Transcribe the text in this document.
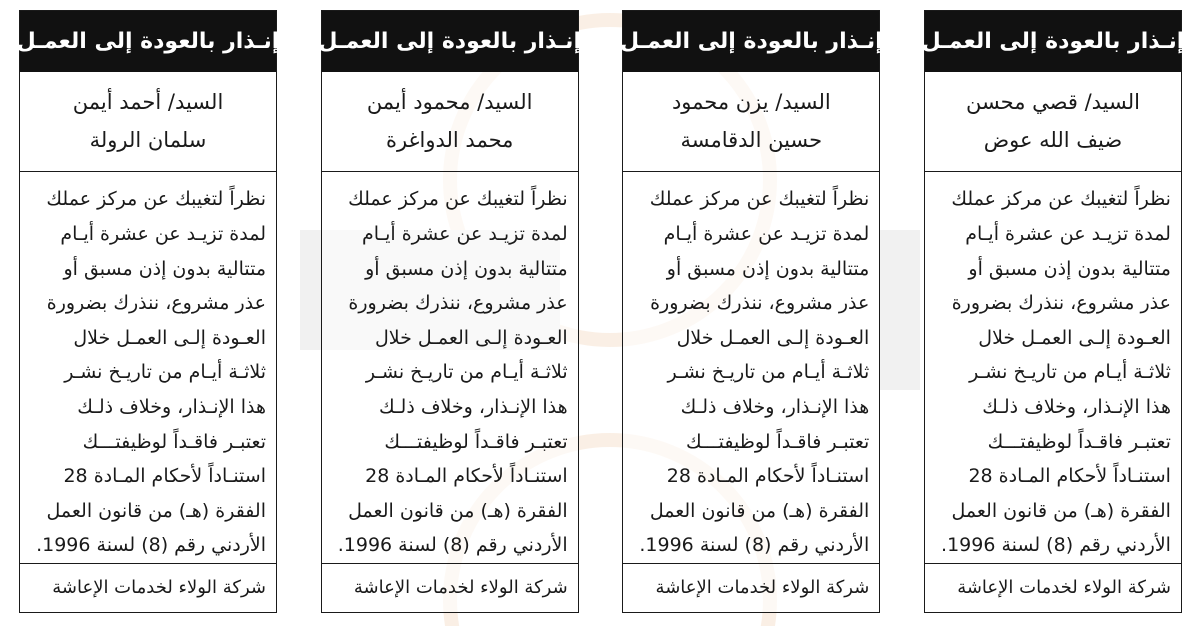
إنـذار بالعودة إلى العمـل
السيد/ قصي محسن
ضيف الله عوض
نظراً لتغيبك عن مركز عملك
لمدة تزيـد عن عشرة أيـام
متتالية بدون إذن مسبق أو
عذر مشروع، ننذرك بضرورة
العـودة إلـى العمـل خلال
ثلاثـة أيـام من تاريـخ نشـر
هذا الإنـذار، وخلاف ذلـك
تعتبـر فاقـداً لوظيفتـــك
استنـاداً لأحكام المـادة 28
الفقرة (هـ) من قانون العمل
الأردني رقم (8) لسنة 1996.
شركة الولاء لخدمات الإعاشة
إنـذار بالعودة إلى العمـل
السيد/ يزن محمود
حسين الدقامسة
نظراً لتغيبك عن مركز عملك
لمدة تزيـد عن عشرة أيـام
متتالية بدون إذن مسبق أو
عذر مشروع، ننذرك بضرورة
العـودة إلـى العمـل خلال
ثلاثـة أيـام من تاريـخ نشـر
هذا الإنـذار، وخلاف ذلـك
تعتبـر فاقـداً لوظيفتـــك
استنـاداً لأحكام المـادة 28
الفقرة (هـ) من قانون العمل
الأردني رقم (8) لسنة 1996.
شركة الولاء لخدمات الإعاشة
إنـذار بالعودة إلى العمـل
السيد/ محمود أيمن
محمد الدواغرة
نظراً لتغيبك عن مركز عملك
لمدة تزيـد عن عشرة أيـام
متتالية بدون إذن مسبق أو
عذر مشروع، ننذرك بضرورة
العـودة إلـى العمـل خلال
ثلاثـة أيـام من تاريـخ نشـر
هذا الإنـذار، وخلاف ذلـك
تعتبـر فاقـداً لوظيفتـــك
استنـاداً لأحكام المـادة 28
الفقرة (هـ) من قانون العمل
الأردني رقم (8) لسنة 1996.
شركة الولاء لخدمات الإعاشة
إنـذار بالعودة إلى العمـل
السيد/ أحمد أيمن
سلمان الرولة
نظراً لتغيبك عن مركز عملك
لمدة تزيـد عن عشرة أيـام
متتالية بدون إذن مسبق أو
عذر مشروع، ننذرك بضرورة
العـودة إلـى العمـل خلال
ثلاثـة أيـام من تاريـخ نشـر
هذا الإنـذار، وخلاف ذلـك
تعتبـر فاقـداً لوظيفتـــك
استنـاداً لأحكام المـادة 28
الفقرة (هـ) من قانون العمل
الأردني رقم (8) لسنة 1996.
شركة الولاء لخدمات الإعاشة
